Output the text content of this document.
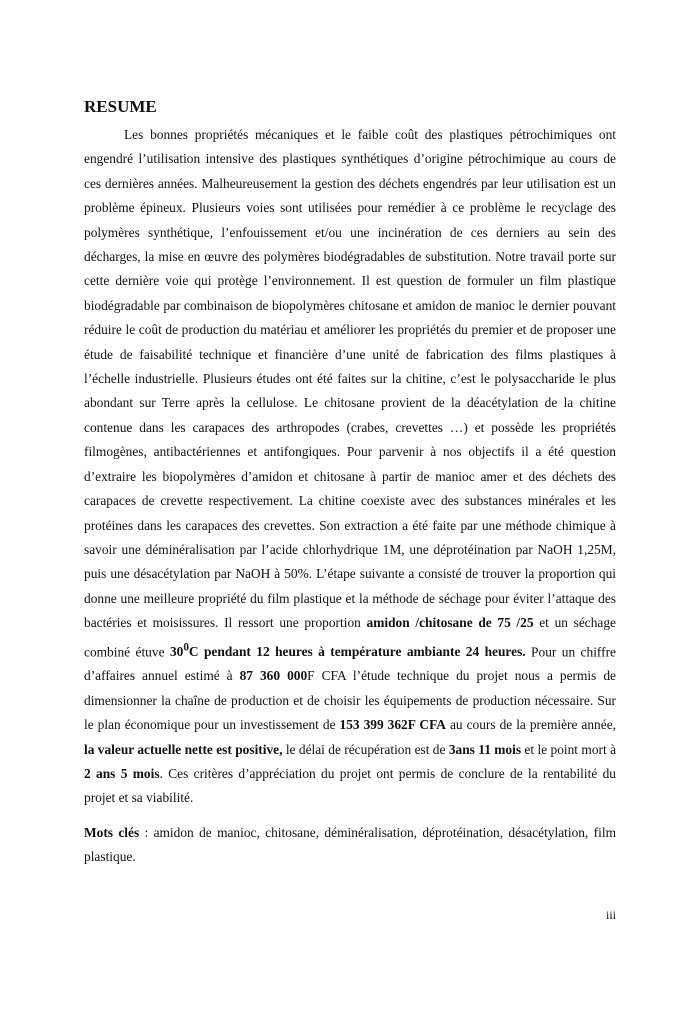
RESUME

Les bonnes propriétés mécaniques et le faible coût des plastiques pétrochimiques ont engendré l’utilisation intensive des plastiques synthétiques d’origine pétrochimique au cours de ces dernières années. Malheureusement la gestion des déchets engendrés par leur utilisation est un problème épineux. Plusieurs voies sont utilisées pour remédier à ce problème le recyclage des polymères synthétique, l’enfouissement et/ou une incinération de ces derniers au sein des décharges, la mise en œuvre des polymères biodégradables de substitution. Notre travail porte sur cette dernière voie qui protège l’environnement. Il est question de formuler un film plastique biodégradable par combinaison de biopolymères chitosane et amidon de manioc le dernier pouvant réduire le coût de production du matériau et améliorer les propriétés du premier et de proposer une étude de faisabilité technique et financière d’une unité de fabrication des films plastiques à l’échelle industrielle. Plusieurs études ont été faites sur la chitine, c’est le polysaccharide le plus abondant sur Terre après la cellulose. Le chitosane provient de la déacétylation de la chitine contenue dans les carapaces des arthropodes (crabes, crevettes …) et possède les propriétés filmogènes, antibactériennes et antifongiques. Pour parvenir à nos objectifs il a été question d’extraire les biopolymères d’amidon et chitosane à partir de manioc amer et des déchets des carapaces de crevette respectivement. La chitine coexiste avec des substances minérales et les protéines dans les carapaces des crevettes. Son extraction a été faite par une méthode chimique à savoir une déminéralisation par l’acide chlorhydrique 1M, une déprotéination par NaOH 1,25M, puis une désacétylation par NaOH à 50%. L’étape suivante a consisté de trouver la proportion qui donne une meilleure propriété du film plastique et la méthode de séchage pour éviter l’attaque des bactéries et moisissures. Il ressort une proportion amidon /chitosane de 75 /25 et un séchage combiné étuve $30^0C$ pendant 12 heures à température ambiante 24 heures. Pour un chiffre d’affaires annuel estimé à 87 360 000F CFA l’étude technique du projet nous a permis de dimensionner la chaîne de production et de choisir les équipements de production nécessaire. Sur le plan économique pour un investissement de 153 399 362F CFA au cours de la première année, la valeur actuelle nette est positive, le délai de récupération est de 3ans 11 mois et le point mort à 2 ans 5 mois. Ces critères d’appréciation du projet ont permis de conclure de la rentabilité du projet et sa viabilité.

Mots clés : amidon de manioc, chitosane, déminéralisation, déprotéination, désacétylation, film plastique.

iii
